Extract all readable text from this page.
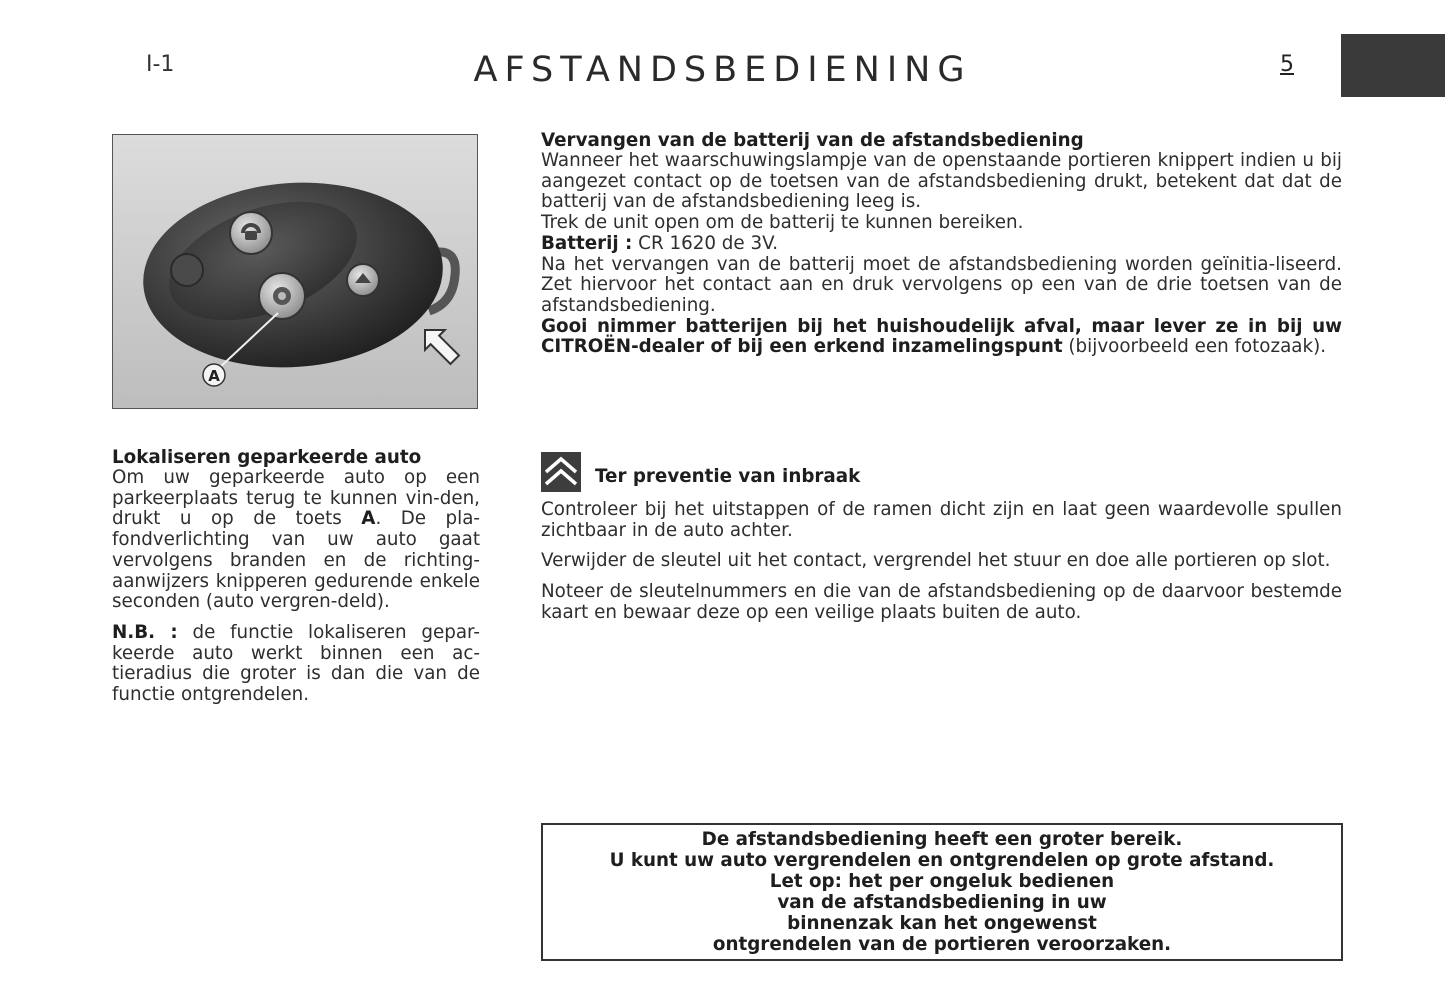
I-1	AFSTANDSBEDIENING	5
A

Vervangen van de batterij van de afstandsbediening

Wanneer het waarschuwingslampje van de openstaande portieren knippert indien u bij aangezet contact op de toetsen van de afstandsbediening drukt, betekent dat dat de batterij van de afstandsbediening leeg is.

Trek de unit open om de batterij te kunnen bereiken.

Batterij : CR 1620 de 3V.

Na het vervangen van de batterij moet de afstandsbediening worden geïnitia-liseerd. Zet hiervoor het contact aan en druk vervolgens op een van de drie toetsen van de afstandsbediening.

Gooi nimmer batterijen bij het huishoudelijk afval, maar lever ze in bij uw CITROËN-dealer of bij een erkend inzamelingspunt (bijvoorbeeld een fotozaak).

Lokaliseren geparkeerde auto

Om uw geparkeerde auto op een parkeerplaats terug te kunnen vin-den, drukt u op de toets A. De pla-fondverlichting van uw auto gaat vervolgens branden en de richting-aanwijzers knipperen gedurende enkele seconden (auto vergren-deld).

N.B. : de functie lokaliseren gepar-keerde auto werkt binnen een ac-tieradius die groter is dan die van de functie ontgrendelen.

Ter preventie van inbraak

Controleer bij het uitstappen of de ramen dicht zijn en laat geen waardevolle spullen zichtbaar in de auto achter.

Verwijder de sleutel uit het contact, vergrendel het stuur en doe alle portieren op slot.

Noteer de sleutelnummers en die van de afstandsbediening op de daarvoor bestemde kaart en bewaar deze op een veilige plaats buiten de auto.

De afstandsbediening heeft een groter bereik.

U kunt uw auto vergrendelen en ontgrendelen op grote afstand.

Let op: het per ongeluk bedienen

van de afstandsbediening in uw

binnenzak kan het ongewenst

ontgrendelen van de portieren veroorzaken.
